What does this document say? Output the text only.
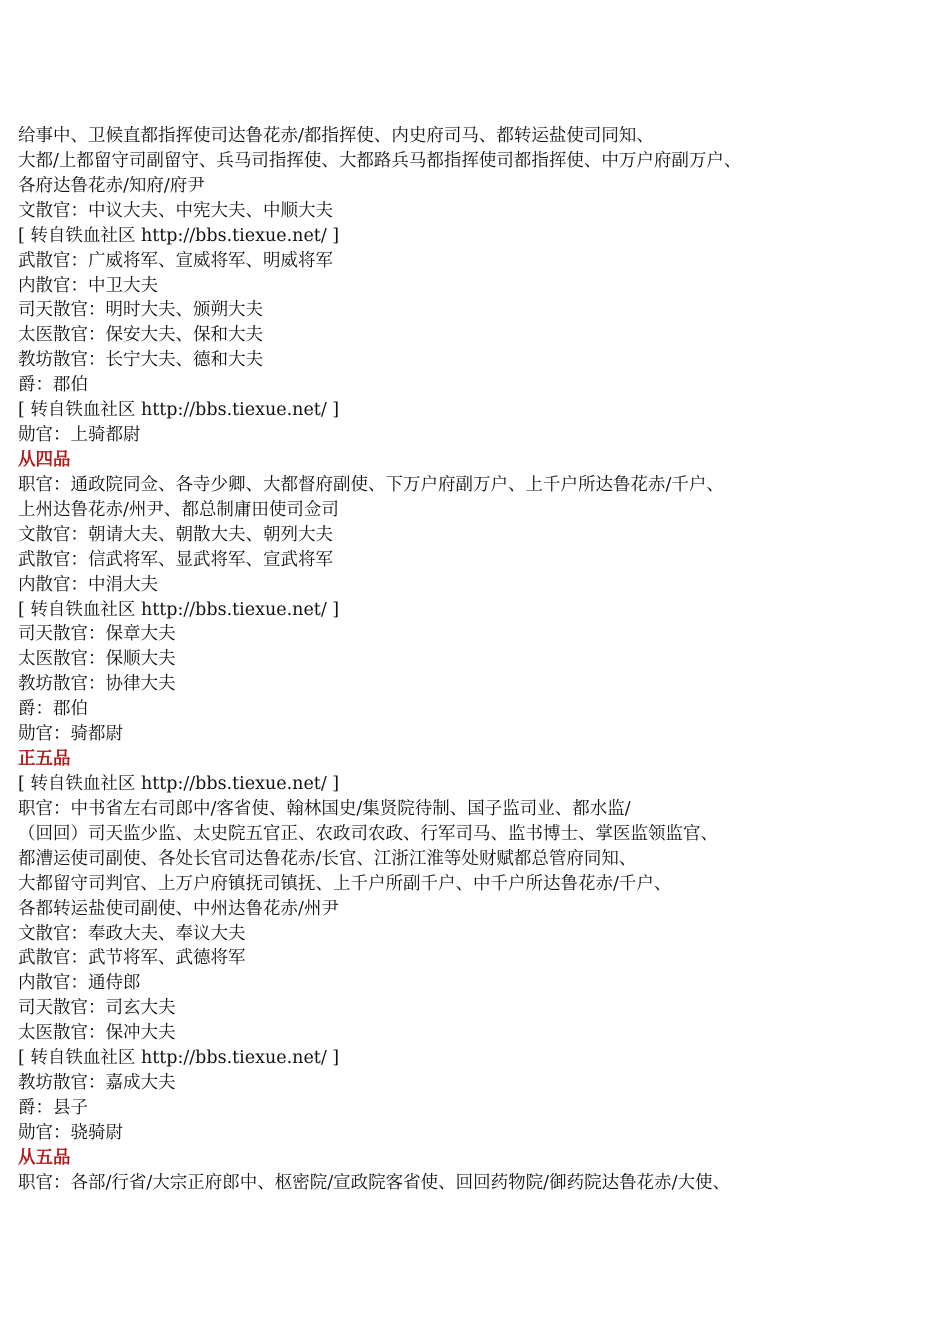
给事中、卫候直都指挥使司达鲁花赤/都指挥使、内史府司马、都转运盐使司同知、
大都/上都留守司副留守、兵马司指挥使、大都路兵马都指挥使司都指挥使、中万户府副万户、
各府达鲁花赤/知府/府尹
文散官：中议大夫、中宪大夫、中顺大夫
[ 转自铁血社区 http://bbs.tiexue.net/ ]
武散官：广威将军、宣威将军、明威将军
内散官：中卫大夫
司天散官：明时大夫、颁朔大夫
太医散官：保安大夫、保和大夫
教坊散官：长宁大夫、德和大夫
爵：郡伯
[ 转自铁血社区 http://bbs.tiexue.net/ ]
勋官：上骑都尉
从四品
职官：通政院同佥、各寺少卿、大都督府副使、下万户府副万户、上千户所达鲁花赤/千户、
上州达鲁花赤/州尹、都总制庸田使司佥司
文散官：朝请大夫、朝散大夫、朝列大夫
武散官：信武将军、显武将军、宣武将军
内散官：中涓大夫
[ 转自铁血社区 http://bbs.tiexue.net/ ]
司天散官：保章大夫
太医散官：保顺大夫
教坊散官：协律大夫
爵：郡伯
勋官：骑都尉
正五品
[ 转自铁血社区 http://bbs.tiexue.net/ ]
职官：中书省左右司郎中/客省使、翰林国史/集贤院待制、国子监司业、都水监/
（回回）司天监少监、太史院五官正、农政司农政、行军司马、监书博士、掌医监领监官、
都漕运使司副使、各处长官司达鲁花赤/长官、江浙江淮等处财赋都总管府同知、
大都留守司判官、上万户府镇抚司镇抚、上千户所副千户、中千户所达鲁花赤/千户、
各都转运盐使司副使、中州达鲁花赤/州尹
文散官：奉政大夫、奉议大夫
武散官：武节将军、武德将军
内散官：通侍郎
司天散官：司玄大夫
太医散官：保冲大夫
[ 转自铁血社区 http://bbs.tiexue.net/ ]
教坊散官：嘉成大夫
爵：县子
勋官：骁骑尉
从五品
职官：各部/行省/大宗正府郎中、枢密院/宣政院客省使、回回药物院/御药院达鲁花赤/大使、
